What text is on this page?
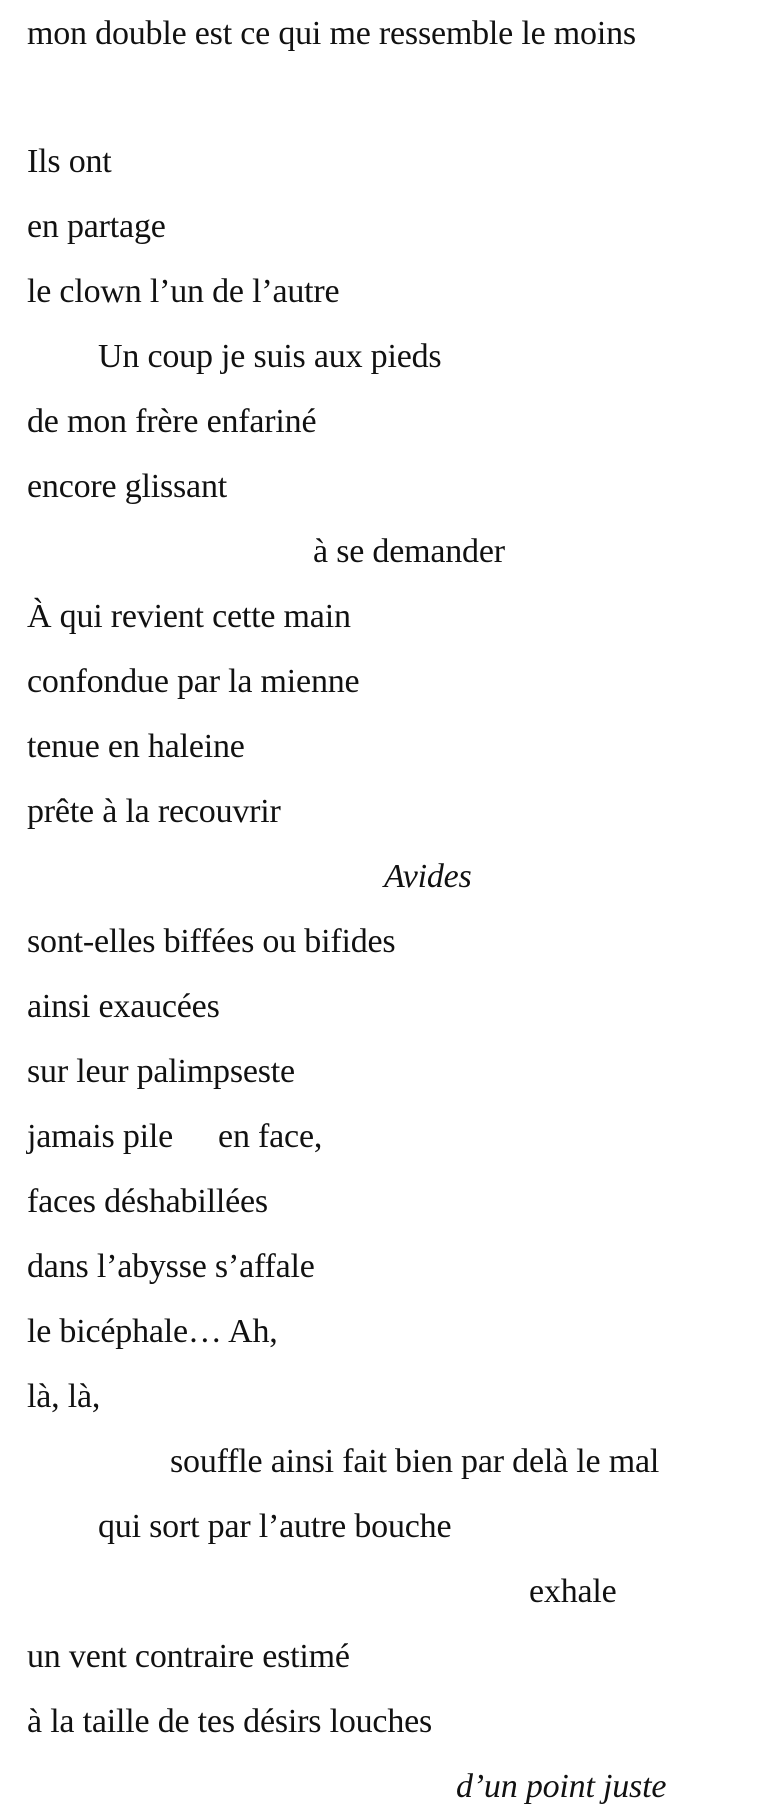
mon double est ce qui me ressemble le moins
Ils ont
en partage
le clown l’un de l’autre
Un coup je suis aux pieds
de mon frère enfariné
encore glissant
à se demander
À qui revient cette main
confondue par la mienne
tenue en haleine
prête à la recouvrir
Avides
sont-elles biffées ou bifides
ainsi exaucées
sur leur palimpseste
jamais pile en face,
faces déshabillées
dans l’abysse s’affale
le bicéphale… Ah,
là, là,
souffle ainsi fait bien par delà le mal
qui sort par l’autre bouche
exhale
un vent contraire estimé
à la taille de tes désirs louches
d’un point juste
